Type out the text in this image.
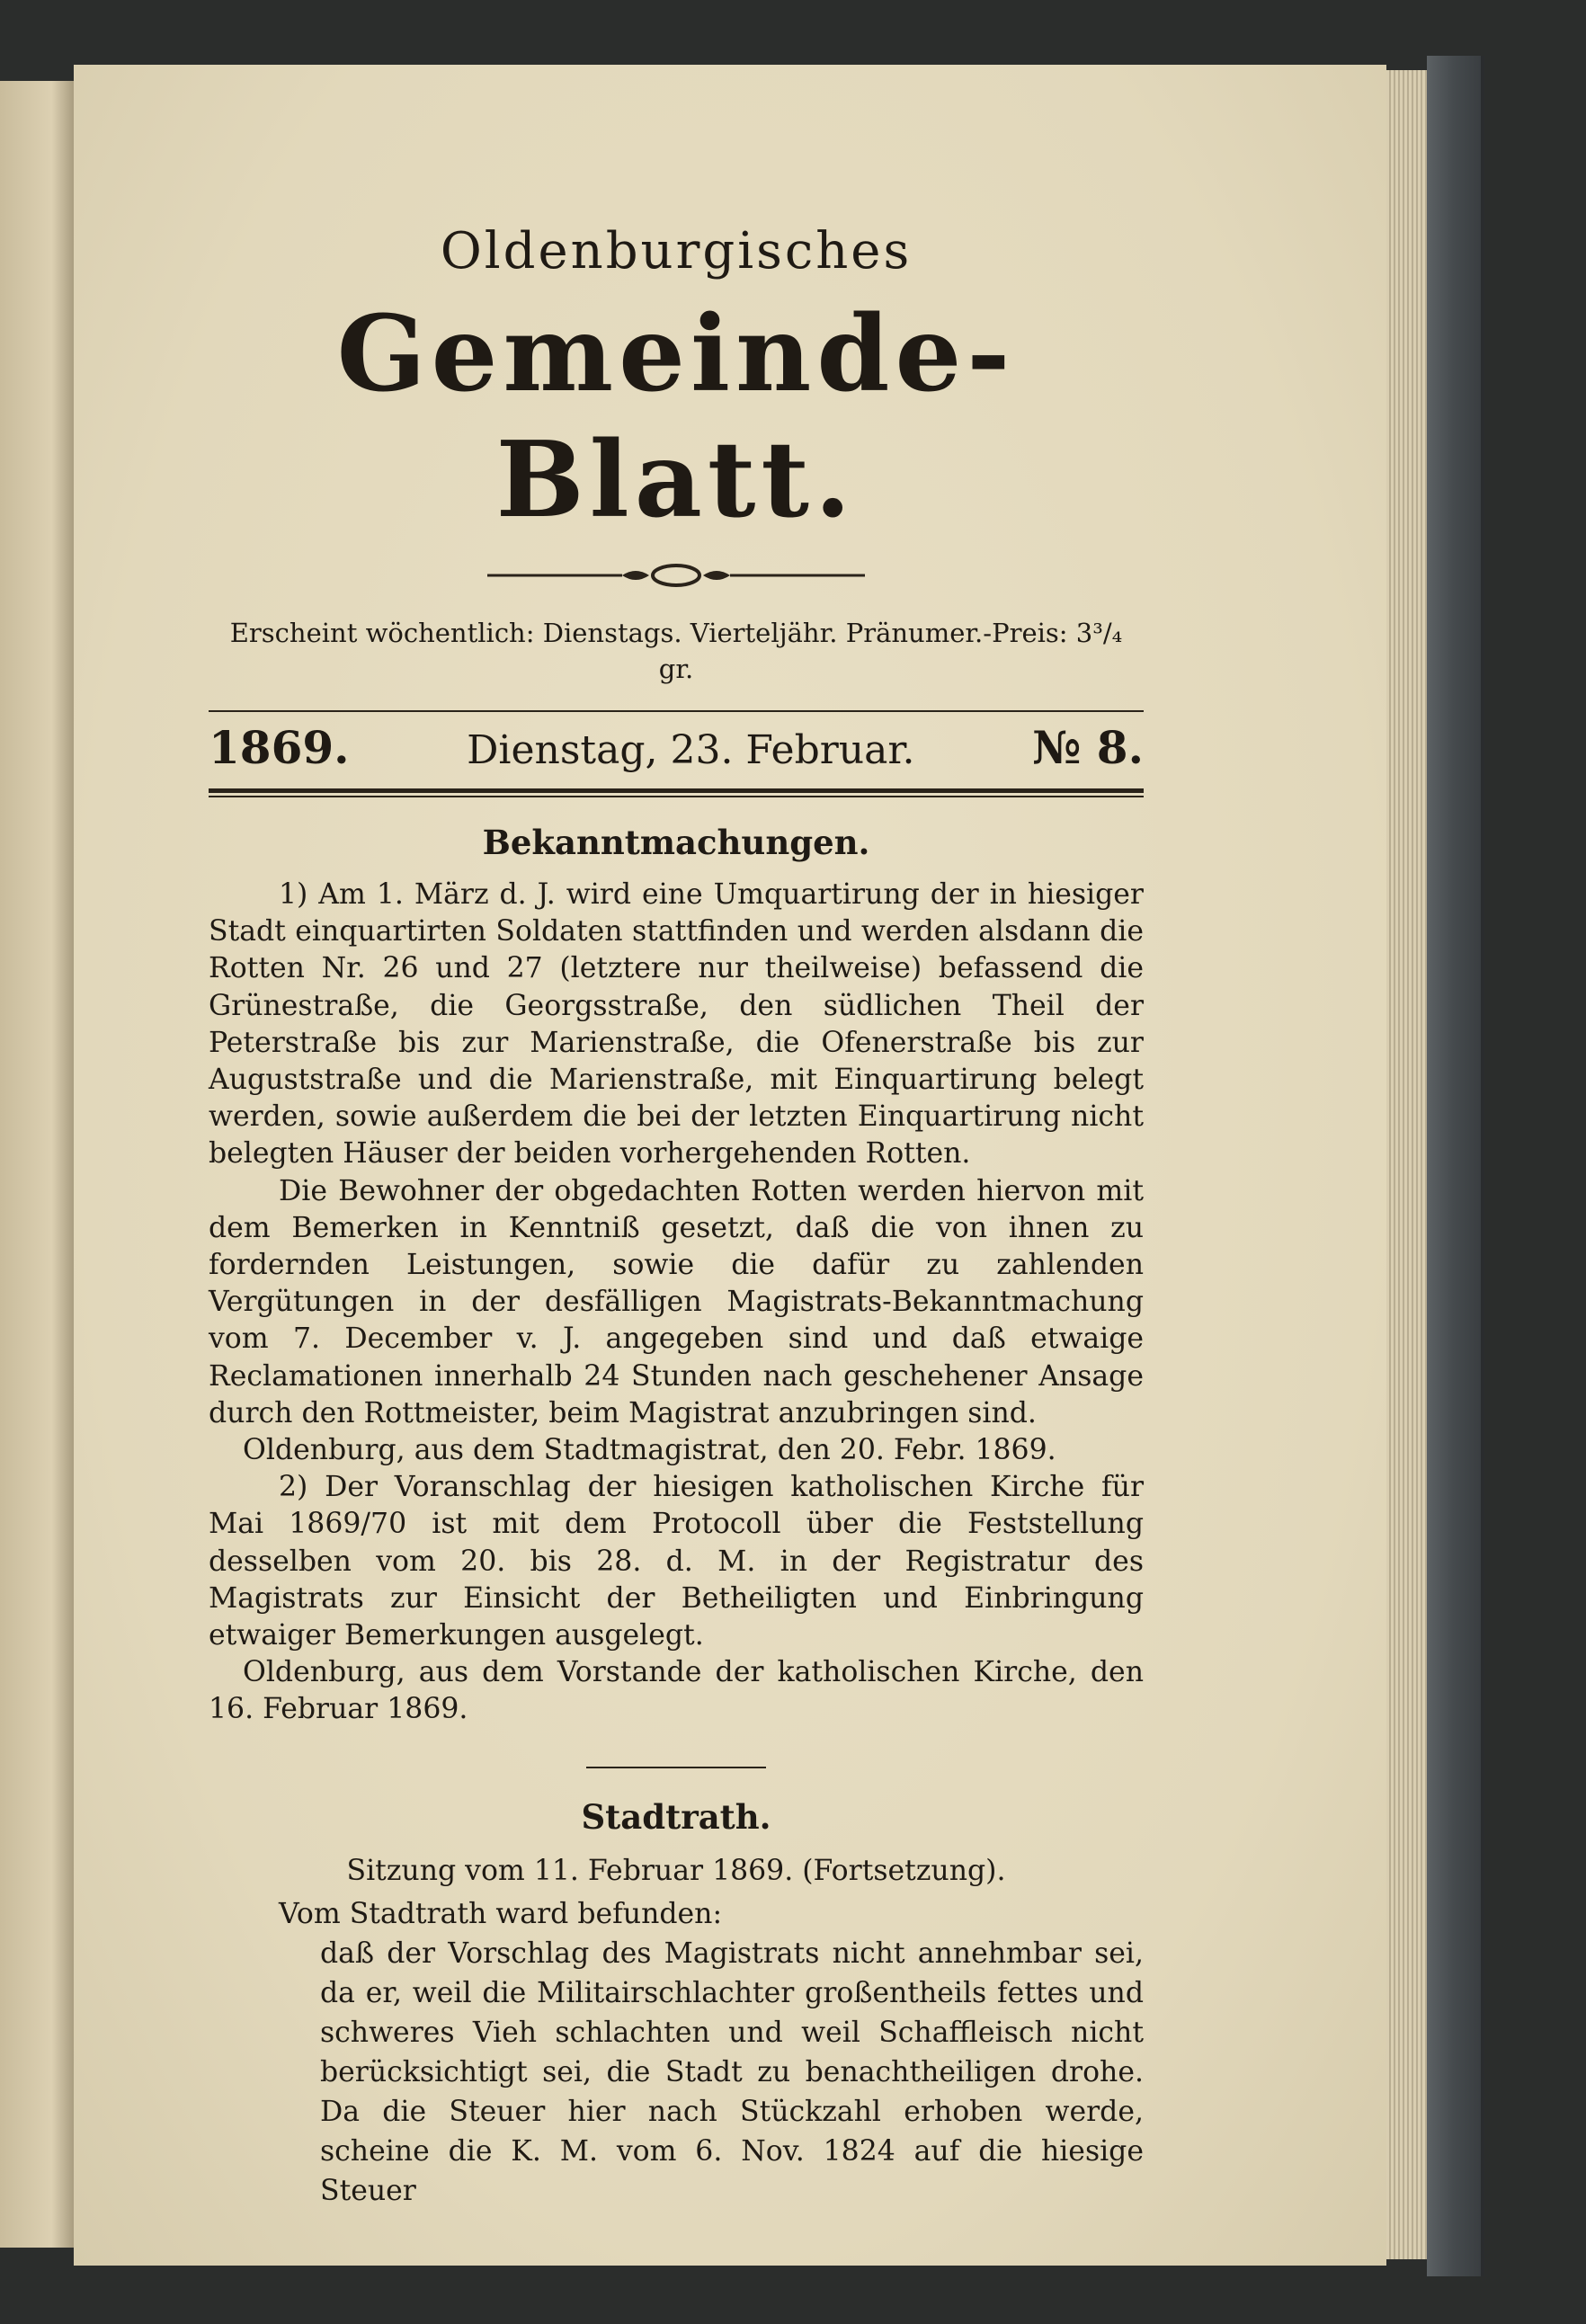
Oldenburgisches
Gemeinde-Blatt.
Erscheint wöchentlich: Dienstags. Vierteljähr. Pränumer.-Preis: 3³/₄ gr.
1869.	Dienstag, 23. Februar.	№ 8.
Bekanntmachungen.

1) Am 1. März d. J. wird eine Umquartirung der in hiesiger Stadt einquartirten Soldaten stattfinden und werden alsdann die Rotten Nr. 26 und 27 (letztere nur theilweise) befassend die Grünestraße, die Georgsstraße, den südlichen Theil der Peterstraße bis zur Marienstraße, die Ofenerstraße bis zur Auguststraße und die Marienstraße, mit Einquartirung belegt werden, sowie außerdem die bei der letzten Einquartirung nicht belegten Häuser der beiden vorhergehenden Rotten.

Die Bewohner der obgedachten Rotten werden hiervon mit dem Bemerken in Kenntniß gesetzt, daß die von ihnen zu fordernden Leistungen, sowie die dafür zu zahlenden Vergütungen in der desfälligen Magistrats-Bekanntmachung vom 7. December v. J. angegeben sind und daß etwaige Reclamationen innerhalb 24 Stunden nach geschehener Ansage durch den Rottmeister, beim Magistrat anzubringen sind.

Oldenburg, aus dem Stadtmagistrat, den 20. Febr. 1869.

2) Der Voranschlag der hiesigen katholischen Kirche für Mai 1869/70 ist mit dem Protocoll über die Feststellung desselben vom 20. bis 28. d. M. in der Registratur des Magistrats zur Einsicht der Betheiligten und Einbringung etwaiger Bemerkungen ausgelegt.

Oldenburg, aus dem Vorstande der katholischen Kirche, den 16. Februar 1869.

Stadtrath.
Sitzung vom 11. Februar 1869. (Fortsetzung).
Vom Stadtrath ward befunden:

daß der Vorschlag des Magistrats nicht annehmbar sei, da er, weil die Militairschlachter großentheils fettes und schweres Vieh schlachten und weil Schaffleisch nicht berücksichtigt sei, die Stadt zu benachtheiligen drohe. Da die Steuer hier nach Stückzahl erhoben werde, scheine die K. M. vom 6. Nov. 1824 auf die hiesige Steuer
